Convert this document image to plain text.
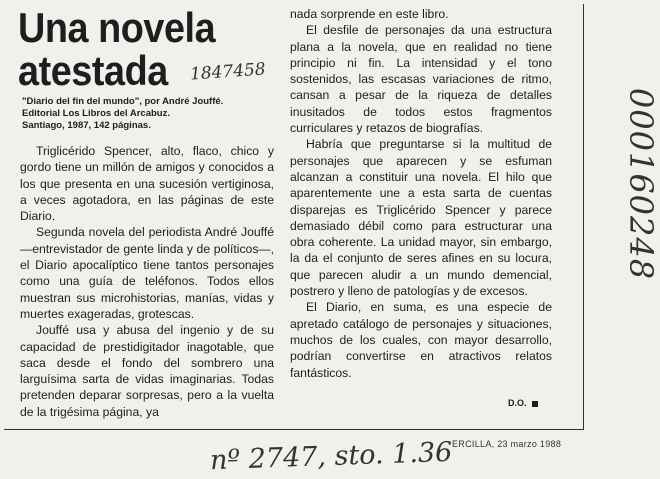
Una novela
atestada	1847458
"Diario del fin del mundo", por André Jouffé.
Editorial Los Libros del Arcabuz.
Santiago, 1987, 142 páginas.

Triglicérido Spencer, alto, flaco, chico y gordo tiene un millón de amigos y conocidos a los que presenta en una sucesión vertiginosa, a veces agotadora, en las páginas de este Diario.

Segunda novela del periodista André Jouffé —entrevistador de gente linda y de políticos—, el Diario apocalíptico tiene tantos personajes como una guía de teléfonos. Todos ellos muestran sus microhistorias, manías, vidas y muertes exageradas, grotescas.

Jouffé usa y abusa del ingenio y de su capacidad de prestidigitador inagotable, que saca desde el fondo del sombrero una larguísima sarta de vidas imaginarias. Todas pretenden deparar sorpresas, pero a la vuelta de la trigésima página, ya

nada sorprende en este libro.

El desfile de personajes da una estructura plana a la novela, que en realidad no tiene principio ni fin. La intensidad y el tono sostenidos, las escasas variaciones de ritmo, cansan a pesar de la riqueza de detalles inusitados de todos estos fragmentos curriculares y retazos de biografías.

Habría que preguntarse si la multitud de personajes que aparecen y se esfuman alcanzan a constituir una novela. El hilo que aparentemente une a esta sarta de cuentas disparejas es Triglicérido Spencer y parece demasiado débil como para estructurar una obra coherente. La unidad mayor, sin embargo, la da el conjunto de seres afines en su locura, que parecen aludir a un mundo demencial, postrero y lleno de patologías y de excesos.

El Diario, en suma, es una especie de apretado catálogo de personajes y situaciones, muchos de los cuales, con mayor desarrollo, podrían convertirse en atractivos relatos fantásticos.

D.O.
000160248
ERCILLA, 23 marzo 1988
nº 2747, sto. 1.36
